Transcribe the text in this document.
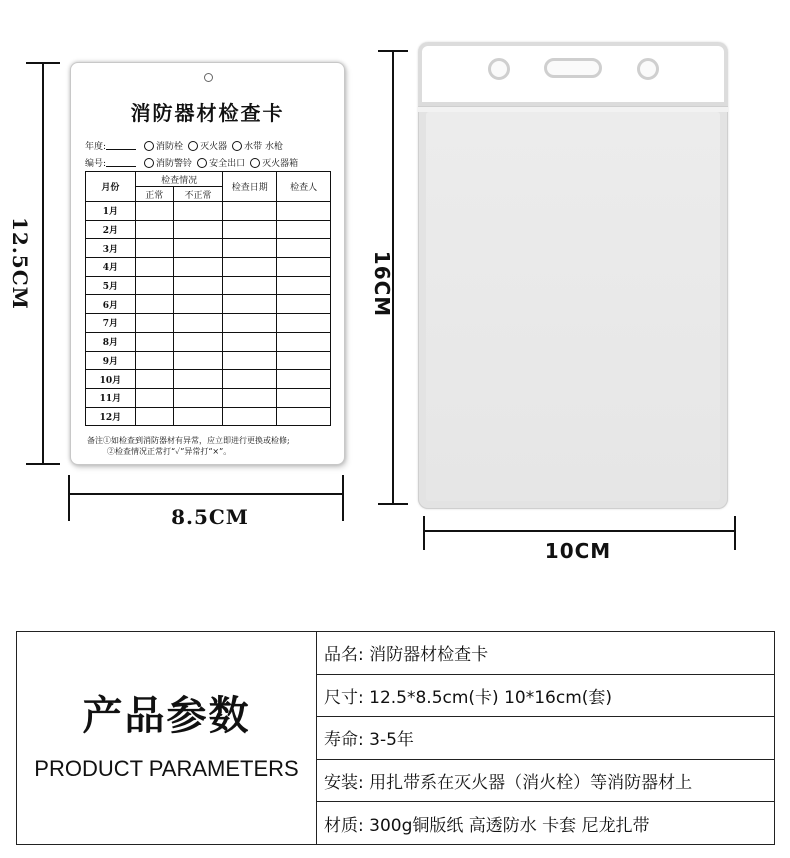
12.5CM
8.5CM
消防器材检查卡
年度:	消防栓 灭火器 水带 水枪
编号:	消防警铃 安全出口 灭火器箱
月份	检查情况		检查日期	检查人
	正常	不正常		
1月				
2月				
3月				
4月				
5月				
6月				
7月				
8月				
9月				
10月				
11月				
12月				
备注①如检查到消防器材有异常，应立即进行更换或检修;
②检查情况正常打“✓”异常打“×”。
16CM
10CM
产品参数
PRODUCT PARAMETERS
品名: 消防器材检查卡
尺寸: 12.5*8.5cm(卡) 10*16cm(套)
寿命: 3-5年
安装: 用扎带系在灭火器（消火栓）等消防器材上
材质: 300g铜版纸 高透防水 卡套 尼龙扎带
